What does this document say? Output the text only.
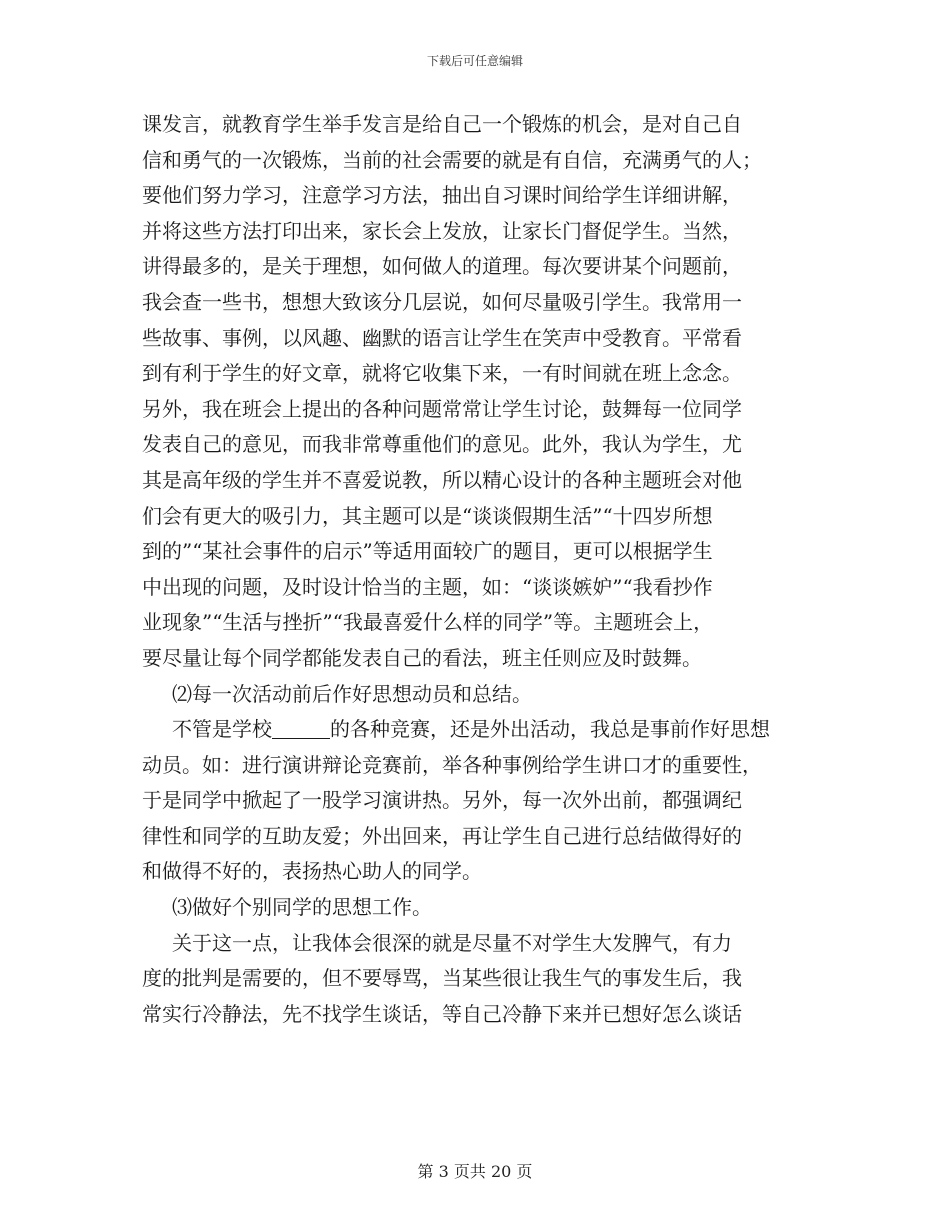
下载后可任意编辑
课发言，就教育学生举手发言是给自己一个锻炼的机会，是对自己自
信和勇气的一次锻炼，当前的社会需要的就是有自信，充满勇气的人；
要他们努力学习，注意学习方法，抽出自习课时间给学生详细讲解，
并将这些方法打印出来，家长会上发放，让家长门督促学生。当然，
讲得最多的，是关于理想，如何做人的道理。每次要讲某个问题前，
我会查一些书，想想大致该分几层说，如何尽量吸引学生。我常用一
些故事、事例，以风趣、幽默的语言让学生在笑声中受教育。平常看
到有利于学生的好文章，就将它收集下来，一有时间就在班上念念。
另外，我在班会上提出的各种问题常常让学生讨论，鼓舞每一位同学
发表自己的意见，而我非常尊重他们的意见。此外，我认为学生，尤
其是高年级的学生并不喜爱说教，所以精心设计的各种主题班会对他
们会有更大的吸引力，其主题可以是“谈谈假期生活”“十四岁所想
到的”“某社会事件的启示”等适用面较广的题目，更可以根据学生
中出现的问题，及时设计恰当的主题，如：“谈谈嫉妒”“我看抄作
业现象”“生活与挫折”“我最喜爱什么样的同学”等。主题班会上，
要尽量让每个同学都能发表自己的看法，班主任则应及时鼓舞。
⑵每一次活动前后作好思想动员和总结。
不管是学校	的各种竞赛，还是外出活动，我总是事前作好思想
动员。如：进行演讲辩论竞赛前，举各种事例给学生讲口才的重要性，
于是同学中掀起了一股学习演讲热。另外，每一次外出前，都强调纪
律性和同学的互助友爱；外出回来，再让学生自己进行总结做得好的
和做得不好的，表扬热心助人的同学。
⑶做好个别同学的思想工作。
关于这一点，让我体会很深的就是尽量不对学生大发脾气，有力
度的批判是需要的，但不要辱骂，当某些很让我生气的事发生后，我
常实行冷静法，先不找学生谈话，等自己冷静下来并已想好怎么谈话
第 3 页共 20 页
